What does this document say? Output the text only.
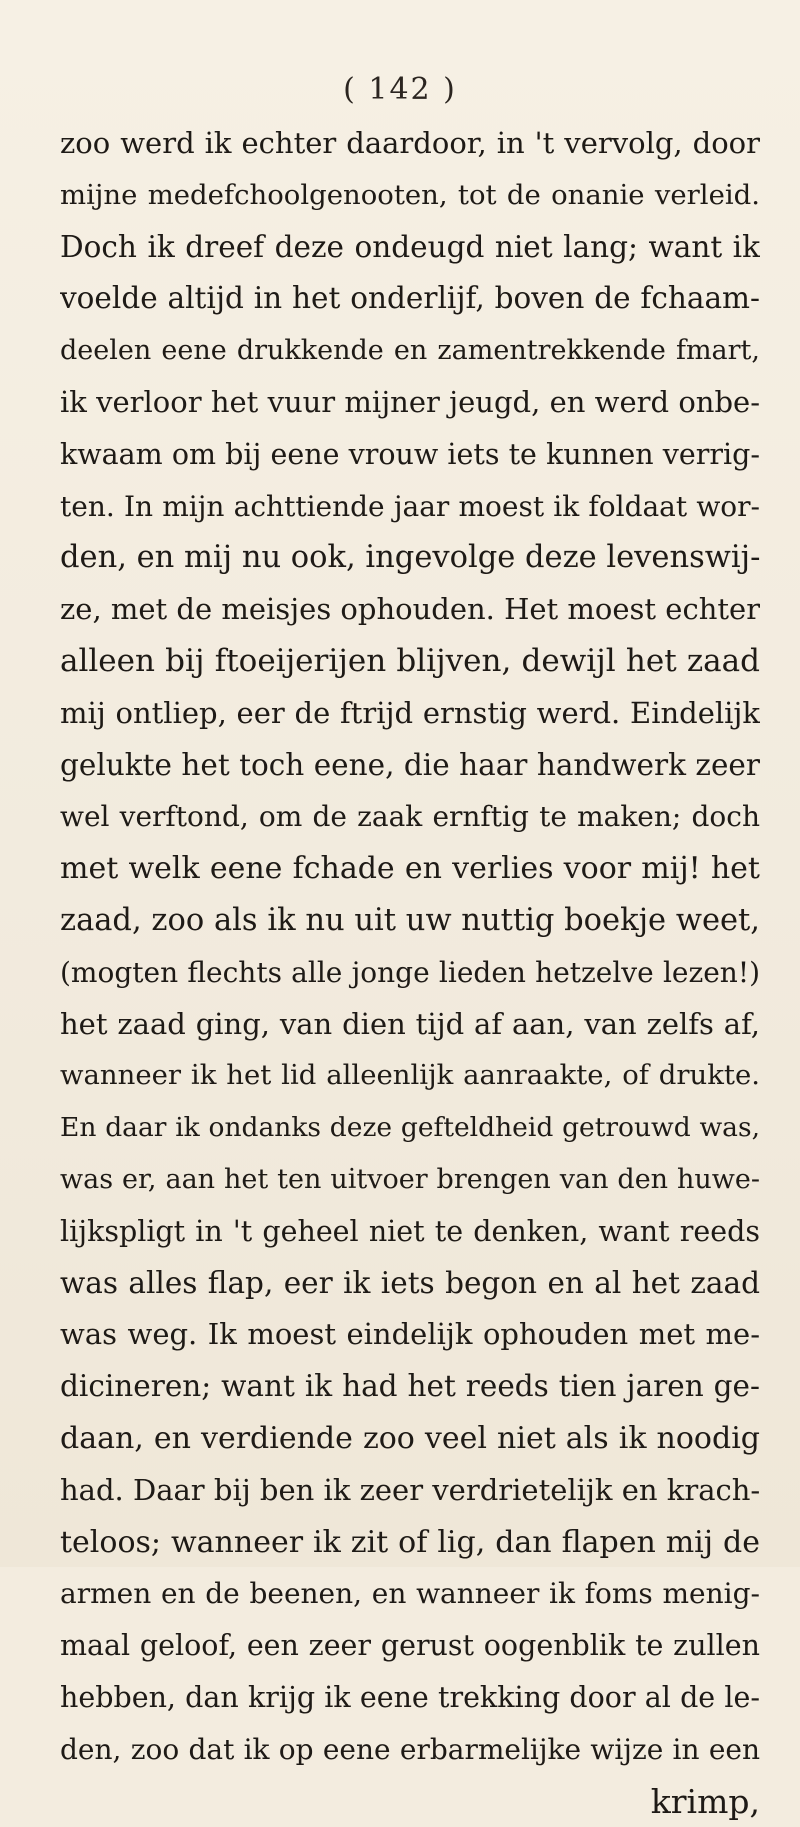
( 142 )
zoo werd ik echter daardoor, in 't vervolg, door
mijne medefchoolgenooten, tot de onanie verleid.
Doch ik dreef deze ondeugd niet lang; want ik
voelde altijd in het onderlijf, boven de fchaam-
deelen eene drukkende en zamentrekkende fmart,
ik verloor het vuur mijner jeugd, en werd onbe-
kwaam om bij eene vrouw iets te kunnen verrig-
ten. In mijn achttiende jaar moest ik foldaat wor-
den, en mij nu ook, ingevolge deze levenswij-
ze, met de meisjes ophouden. Het moest echter
alleen bij ftoeijerijen blijven, dewijl het zaad
mij ontliep, eer de ftrijd ernstig werd. Eindelijk
gelukte het toch eene, die haar handwerk zeer
wel verftond, om de zaak ernftig te maken; doch
met welk eene fchade en verlies voor mij! het
zaad, zoo als ik nu uit uw nuttig boekje weet,
(mogten flechts alle jonge lieden hetzelve lezen!)
het zaad ging, van dien tijd af aan, van zelfs af,
wanneer ik het lid alleenlijk aanraakte, of drukte.
En daar ik ondanks deze gefteldheid getrouwd was,
was er, aan het ten uitvoer brengen van den huwe-
lijkspligt in 't geheel niet te denken, want reeds
was alles flap, eer ik iets begon en al het zaad
was weg. Ik moest eindelijk ophouden met me-
dicineren; want ik had het reeds tien jaren ge-
daan, en verdiende zoo veel niet als ik noodig
had. Daar bij ben ik zeer verdrietelijk en krach-
teloos; wanneer ik zit of lig, dan flapen mij de
armen en de beenen, en wanneer ik foms menig-
maal geloof, een zeer gerust oogenblik te zullen
hebben, dan krijg ik eene trekking door al de le-
den, zoo dat ik op eene erbarmelijke wijze in een
krimp,
